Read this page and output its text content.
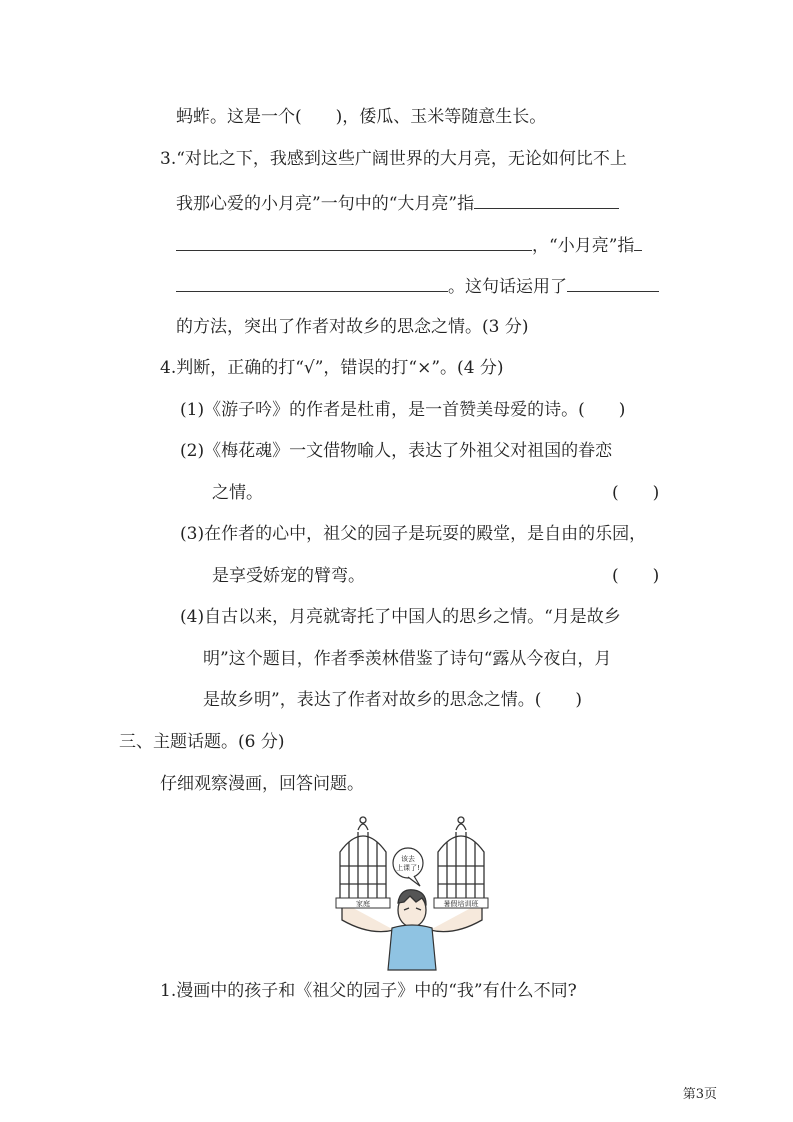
蚂蚱。这是一个(　　)，倭瓜、玉米等随意生长。
3.“对比之下，我感到这些广阔世界的大月亮，无论如何比不上
我那心爱的小月亮”一句中的“大月亮”指
，“小月亮”指
。这句话运用了
的方法，突出了作者对故乡的思念之情。(3 分)
4.判断，正确的打“√”，错误的打“×”。(4 分)
(1)《游子吟》的作者是杜甫，是一首赞美母爱的诗。(　　)
(2)《梅花魂》一文借物喻人，表达了外祖父对祖国的眷恋
之情。	(　　)
(3)在作者的心中，祖父的园子是玩耍的殿堂，是自由的乐园，
是享受娇宠的臂弯。	(　　)
(4)自古以来，月亮就寄托了中国人的思乡之情。“月是故乡
明”这个题目，作者季羡林借鉴了诗句“露从今夜白，月
是故乡明”，表达了作者对故乡的思念之情。(　　)
三、主题话题。(6 分)
仔细观察漫画，回答问题。
该去
上课了!
家庭	暑假培训班
1.漫画中的孩子和《祖父的园子》中的“我”有什么不同?
第3页
